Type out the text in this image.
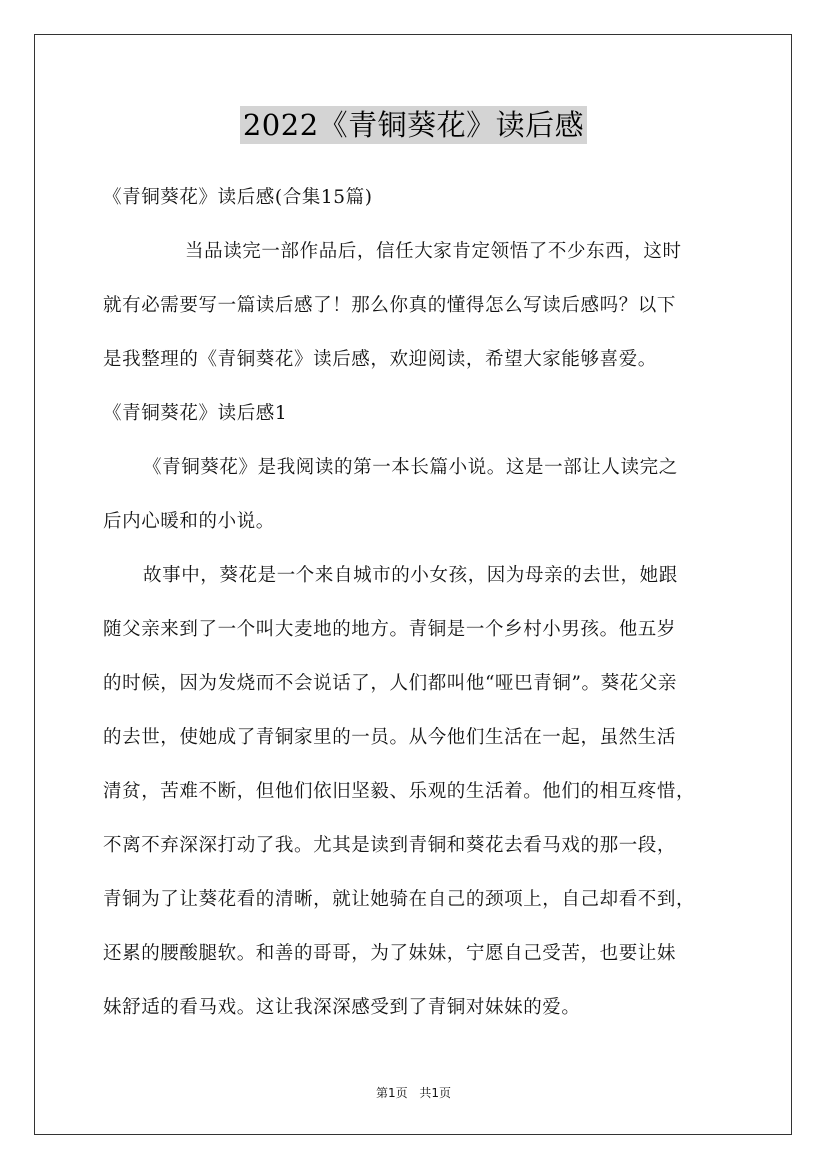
2022《青铜葵花》读后感
《青铜葵花》读后感(合集15篇)
当品读完一部作品后，信任大家肯定领悟了不少东西，这时
就有必需要写一篇读后感了！那么你真的懂得怎么写读后感吗？以下
是我整理的《青铜葵花》读后感，欢迎阅读，希望大家能够喜爱。
《青铜葵花》读后感1
《青铜葵花》是我阅读的第一本长篇小说。这是一部让人读完之
后内心暖和的小说。
故事中，葵花是一个来自城市的小女孩，因为母亲的去世，她跟
随父亲来到了一个叫大麦地的地方。青铜是一个乡村小男孩。他五岁
的时候，因为发烧而不会说话了，人们都叫他“哑巴青铜”。葵花父亲
的去世，使她成了青铜家里的一员。从今他们生活在一起，虽然生活
清贫，苦难不断，但他们依旧坚毅、乐观的生活着。他们的相互疼惜，
不离不弃深深打动了我。尤其是读到青铜和葵花去看马戏的那一段，
青铜为了让葵花看的清晰，就让她骑在自己的颈项上，自己却看不到，
还累的腰酸腿软。和善的哥哥，为了妹妹，宁愿自己受苦，也要让妹
妹舒适的看马戏。这让我深深感受到了青铜对妹妹的爱。
第1页 共1页
